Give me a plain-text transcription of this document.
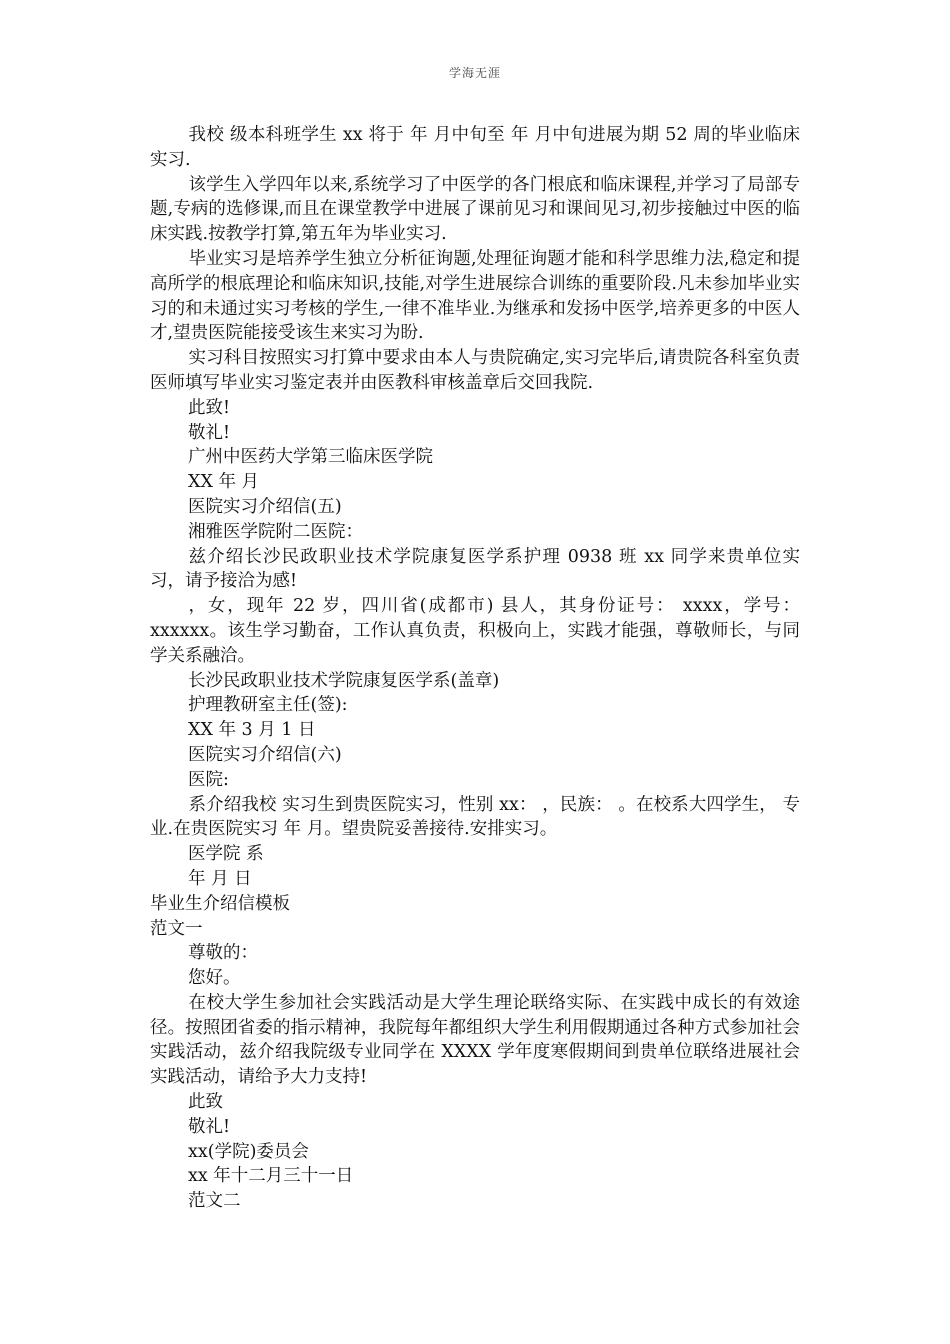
学海无涯

我校 级本科班学生 xx 将于 年 月中旬至 年 月中旬进展为期 52 周的毕业临床实习.

该学生入学四年以来,系统学习了中医学的各门根底和临床课程,并学习了局部专题,专病的选修课,而且在课堂教学中进展了课前见习和课间见习,初步接触过中医的临床实践.按教学打算,第五年为毕业实习.

毕业实习是培养学生独立分析征询题,处理征询题才能和科学思维力法,稳定和提高所学的根底理论和临床知识,技能,对学生进展综合训练的重要阶段.凡未参加毕业实习的和未通过实习考核的学生,一律不准毕业.为继承和发扬中医学,培养更多的中医人才,望贵医院能接受该生来实习为盼.

实习科目按照实习打算中要求由本人与贵院确定,实习完毕后,请贵院各科室负责医师填写毕业实习鉴定表并由医教科审核盖章后交回我院.

此致!

敬礼!

广州中医药大学第三临床医学院

XX 年 月

医院实习介绍信(五)

湘雅医学院附二医院：

兹介绍长沙民政职业技术学院康复医学系护理 0938 班 xx 同学来贵单位实习，请予接洽为感!

，女，现年 22 岁，四川省(成都市) 县人，其身份证号： xxxx，学号：xxxxxx。该生学习勤奋，工作认真负责，积极向上，实践才能强，尊敬师长，与同学关系融洽。

长沙民政职业技术学院康复医学系(盖章)

护理教研室主任(签):

XX 年 3 月 1 日

医院实习介绍信(六)

医院:

系介绍我校 实习生到贵医院实习，性别 xx： ，民族： 。在校系大四学生， 专业.在贵医院实习 年 月。望贵院妥善接待.安排实习。

医学院 系

年 月 日

毕业生介绍信模板

范文一

尊敬的：

您好。

在校大学生参加社会实践活动是大学生理论联络实际、在实践中成长的有效途径。按照团省委的指示精神，我院每年都组织大学生利用假期通过各种方式参加社会实践活动，兹介绍我院级专业同学在 XXXX 学年度寒假期间到贵单位联络进展社会实践活动，请给予大力支持!

此致

敬礼!

xx(学院)委员会

xx 年十二月三十一日

范文二
